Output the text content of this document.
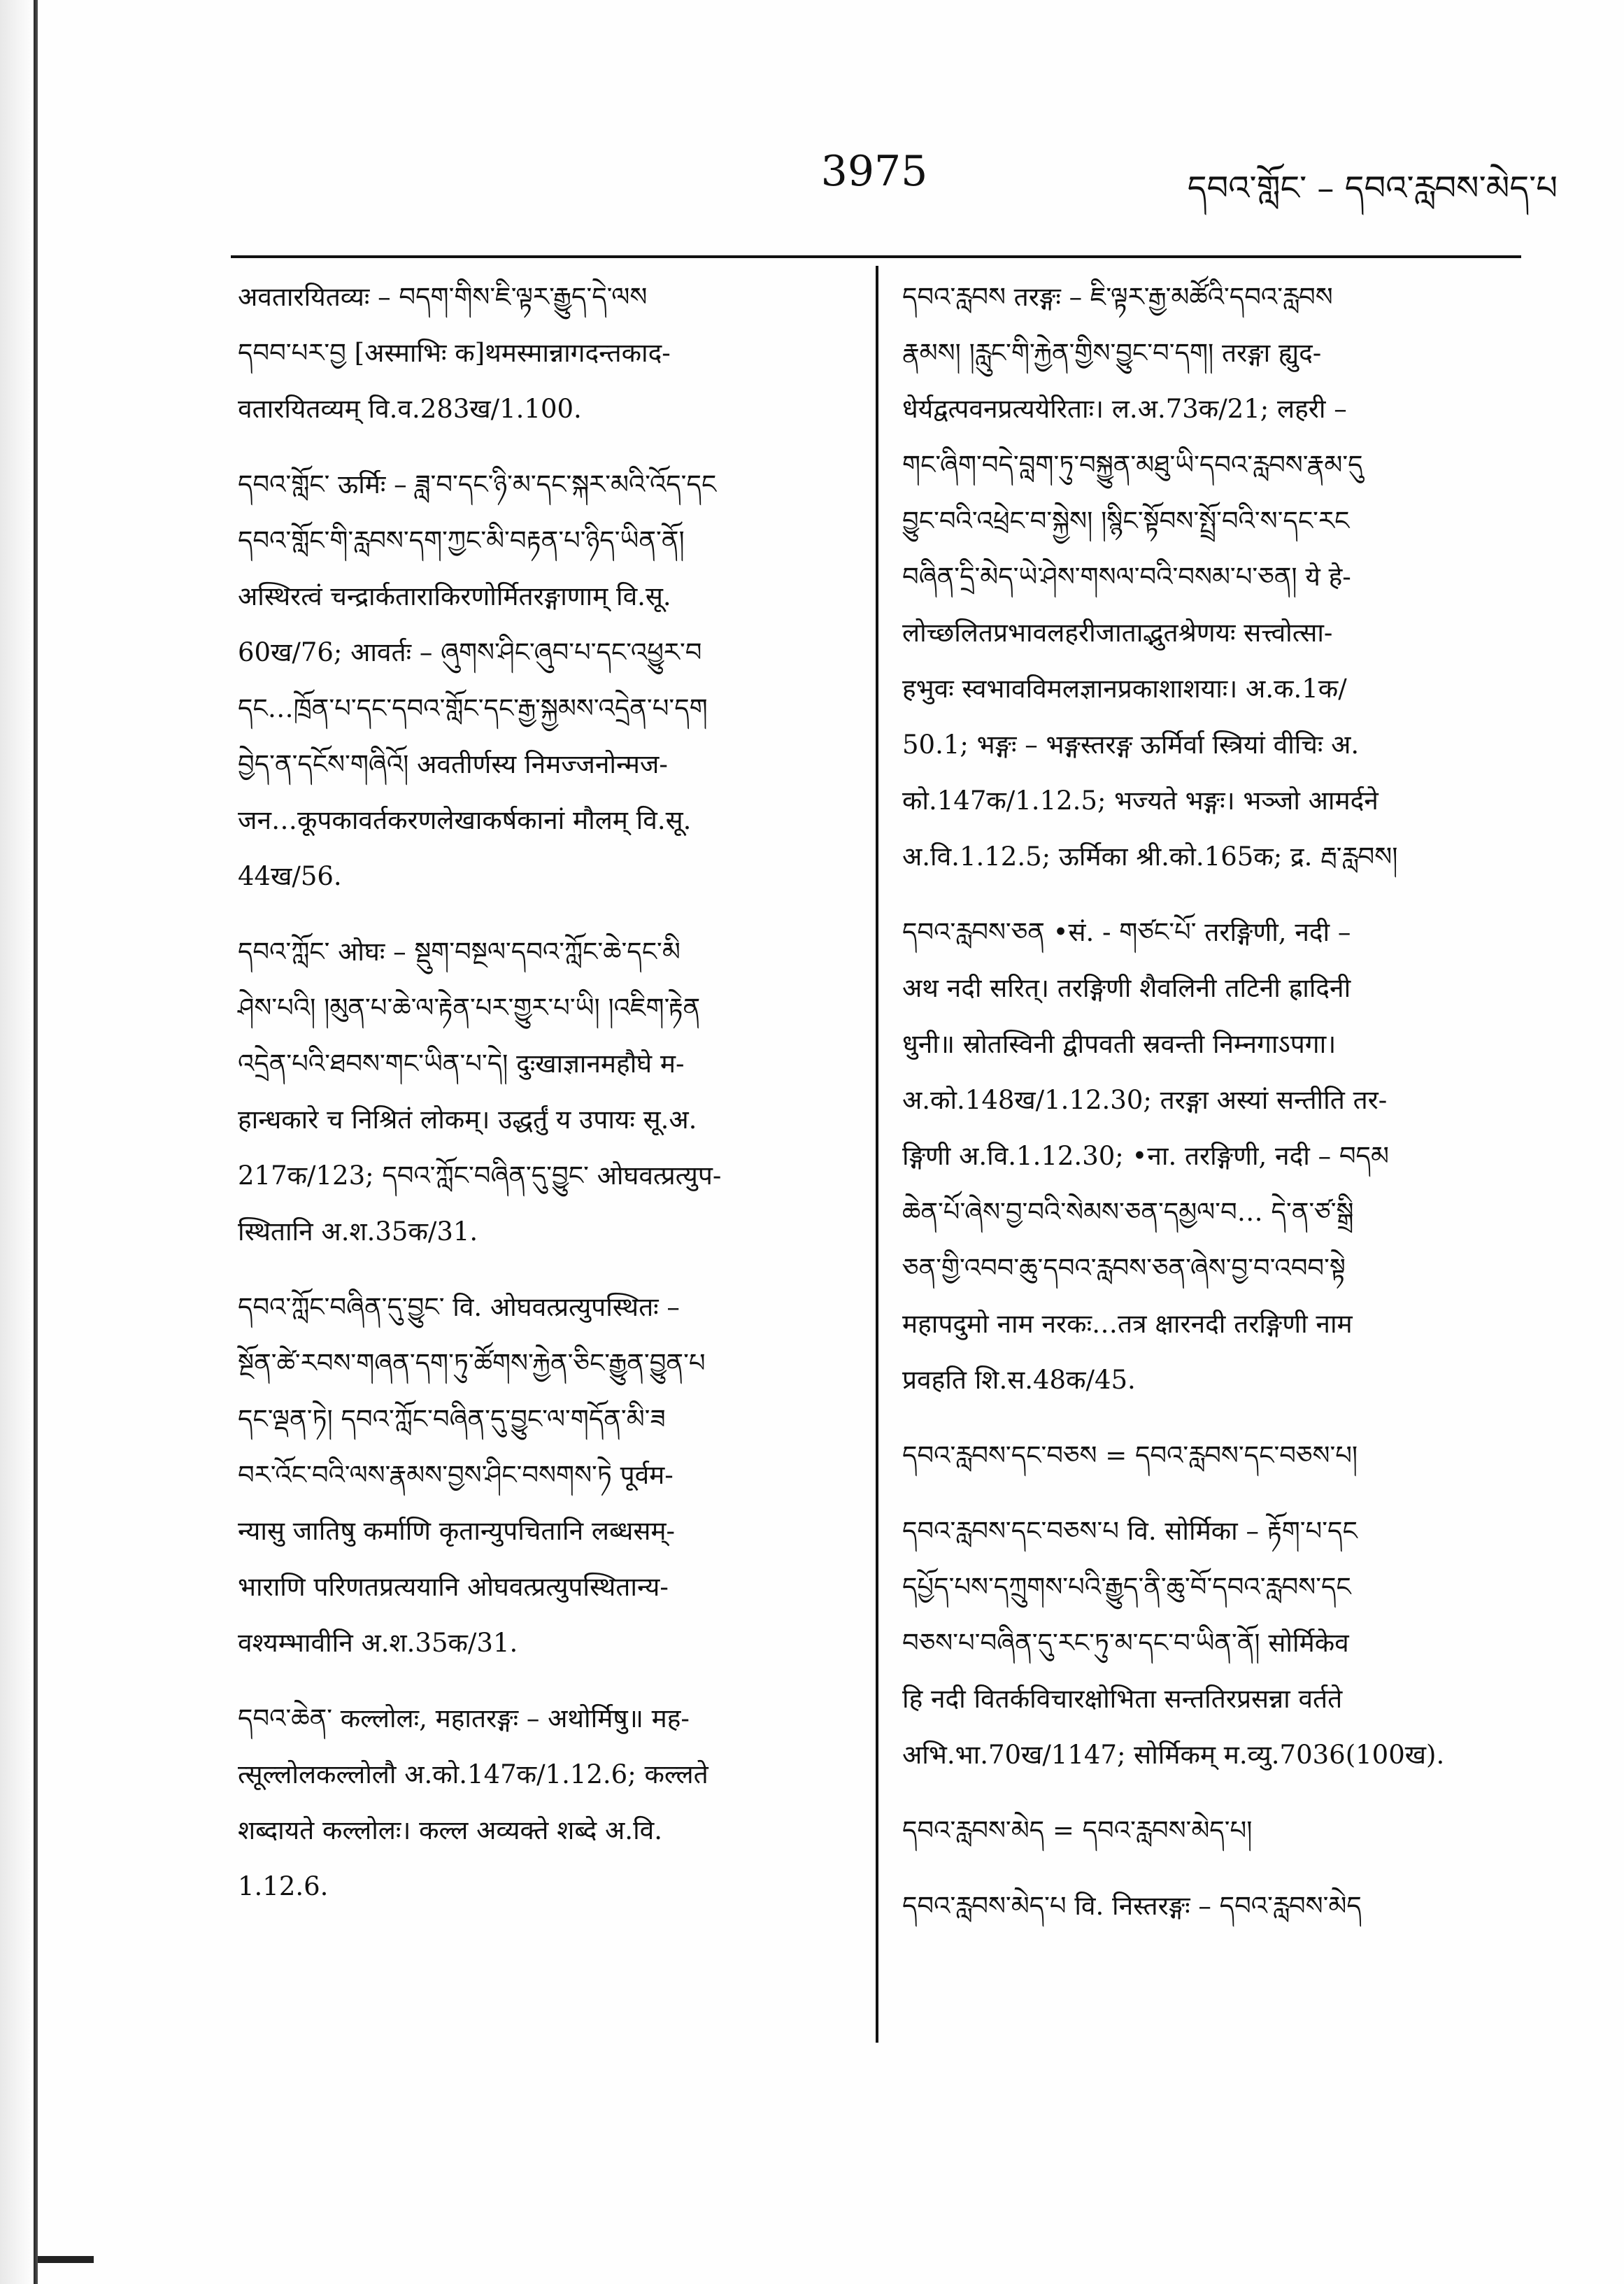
3975	དབའ་གློང་ – དབའ་རླབས་མེད་པ
अवतारयितव्यः – བདག་གིས་ཇི་ལྟར་རྒྱུད་དེ་ལས
དབབ་པར་བྱ [अस्माभिः क]थमस्मान्नागदन्तकाद-
वतारयितव्यम् वि.व.283ख/1.100.
དབའ་གློང་ ऊर्मिः – ཟླ་བ་དང་ཉི་མ་དང་སྐར་མའི་འོད་དང
དབའ་གློང་གི་རླབས་དག་ཀྱང་མི་བརྟན་པ་ཉིད་ཡིན་ནོ།
अस्थिरत्वं चन्द्रार्कताराकिरणोर्मितरङ्गाणाम् वि.सू.
60ख/76; आवर्तः – ཞུགས་ཤིང་ཞུབ་པ་དང་འཕྱུར་བ
དང…ཁྲོན་པ་དང་དབའ་གློང་དང་རྒྱ་སྐྱམས་འདྲེན་པ་དག
བྱེད་ན་དངོས་གཞིའོ། अवतीर्णस्य निमज्जनोन्मज-
जन…कूपकावर्तकरणलेखाकर्षकानां मौलम् वि.सू.
44ख/56.
དབའ་ཀློང་ ओघः – སྡུག་བསྔལ་དབའ་ཀློང་ཆེ་དང་མི
ཤེས་པའི། །མུན་པ་ཆེ་ལ་རྟེན་པར་གྱུར་པ་ཡི། །འཇིག་རྟེན
འདྲེན་པའི་ཐབས་གང་ཡིན་པ་དེ། दुःखाज्ञानमहौघे म-
हान्धकारे च निश्रितं लोकम्। उद्धर्तुं य उपायः सू.अ.
217क/123; དབའ་ཀློང་བཞིན་དུ་བྱུང་ ओघवत्प्रत्युप-
स्थितानि अ.श.35क/31.
དབའ་ཀློང་བཞིན་དུ་བྱུང་ वि. ओघवत्प्रत्युपस्थितः –
སྔོན་ཚེ་རབས་གཞན་དག་ཏུ་ཚོགས་རྐྱེན་ཅིང་རྒྱུན་བྱུན་པ
དང་ལྡན་ཏེ། དབའ་ཀློང་བཞིན་དུ་བྱུང་ལ་གདོན་མི་ཟ
བར་འོང་བའི་ལས་རྣམས་བྱས་ཤིང་བསགས་ཏེ पूर्वम-
न्यासु जातिषु कर्माणि कृतान्युपचितानि लब्धसम्-
भाराणि परिणतप्रत्ययानि ओघवत्प्रत्युपस्थितान्य-
वश्यम्भावीनि अ.श.35क/31.
དབའ་ཆེན་ कल्लोलः, महातरङ्गः – अथोर्मिषु॥ मह-
त्सूल्लोलकल्लोलौ अ.को.147क/1.12.6; कल्लते
शब्दायते कल्लोलः। कल्ल अव्यक्ते शब्दे अ.वि.
1.12.6.
དབའ་རླབས तरङ्गः – ཇི་ལྟར་རྒྱ་མཚོའི་དབའ་རླབས
རྣམས། །རླུང་གི་རྐྱེན་གྱིས་བྱུང་བ་དག། तरङ्गा ह्युद-
धेर्यद्वत्पवनप्रत्ययेरिताः। ल.अ.73क/21; लहरी –
གང་ཞིག་བདེ་བླག་ཏུ་བསྐྱུན་མཐུ་ཡི་དབའ་རླབས་རྣམ་དུ
བྱུང་བའི་འཕྲེང་བ་སྐྱེས། །སྙིང་སྟོབས་སྤྲོ་བའི་ས་དང་རང
བཞིན་དྲི་མེད་ཡེ་ཤེས་གསལ་བའི་བསམ་པ་ཅན། ये हे-
लोच्छलितप्रभावलहरीजाताद्भुतश्रेणयः सत्त्वोत्सा-
हभुवः स्वभावविमलज्ञानप्रकाशाशयाः। अ.क.1क/
50.1; भङ्गः – भङ्गस्तरङ्ग ऊर्मिर्वा स्त्रियां वीचिः अ.
को.147क/1.12.5; भज्यते भङ्गः। भञ्जो आमर्दने
अ.वि.1.12.5; ऊर्मिका श्री.को.165क; द्र. རྦ་རླབས།
དབའ་རླབས་ཅན •सं. - གཙང་པོ་ तरङ्गिणी, नदी –
अथ नदी सरित्। तरङ्गिणी शैवलिनी तटिनी ह्रादिनी
धुनी॥ स्रोतस्विनी द्वीपवती स्रवन्ती निम्नगाऽपगा।
अ.को.148ख/1.12.30; तरङ्गा अस्यां सन्तीति तर-
ङ्गिणी अ.वि.1.12.30; •ना. तरङ्गिणी, नदी – བདམ
ཆེན་པོ་ཞེས་བྱ་བའི་སེམས་ཅན་དམྱལ་བ… དེ་ན་ཙ་སྒྲི
ཅན་གྱི་འབབ་ཆུ་དབའ་རླབས་ཅན་ཞེས་བྱ་བ་འབབ་སྟེ
महापदुमो नाम नरकः…तत्र क्षारनदी तरङ्गिणी नाम
प्रवहति शि.स.48क/45.
དབའ་རླབས་དང་བཅས = དབའ་རླབས་དང་བཅས་པ།
དབའ་རླབས་དང་བཅས་པ वि. सोर्मिका – རྟོག་པ་དང
དཔྱོད་པས་དཀྲུགས་པའི་རྒྱུད་ནི་ཆུ་བོ་དབའ་རླབས་དང
བཅས་པ་བཞིན་དུ་རང་ཏུ་མ་དང་བ་ཡིན་ནོ། सोर्मिकेव
हि नदी वितर्कविचारक्षोभिता सन्ततिरप्रसन्ना वर्तते
अभि.भा.70ख/1147; सोर्मिकम् म.व्यु.7036(100ख).
དབའ་རླབས་མེད = དབའ་རླབས་མེད་པ།
དབའ་རླབས་མེད་པ वि. निस्तरङ्गः – དབའ་རླབས་མེད
